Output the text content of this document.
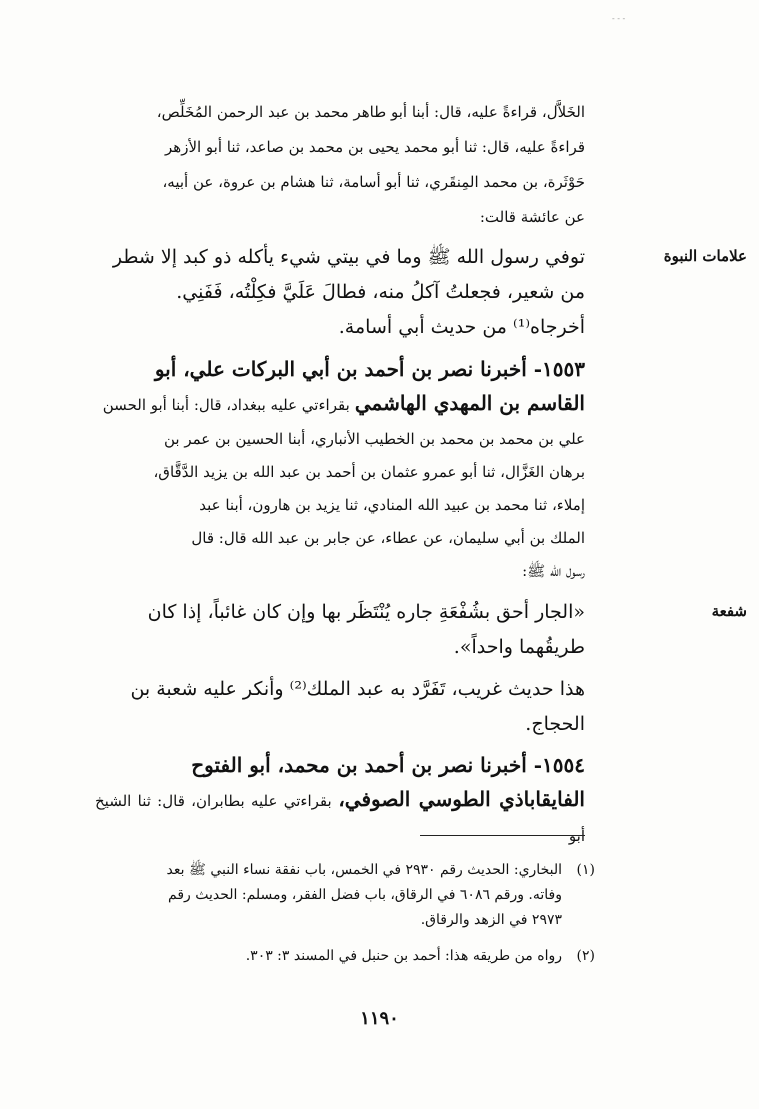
- - -

الخَلاَّل، قراءةً عليه، قال: أبنا أبو طاهر محمد بن عبد الرحمن المُخَلِّص،

قراءةً عليه، قال: ثنا أبو محمد يحيى بن محمد بن صاعد، ثنا أبو الأزهر

حَوْثَرة، بن محمد المِنقَري، ثنا أبو أسامة، ثنا هشام بن عروة، عن أبيه،

عن عائشة قالت:

علامات النبوة

توفي رسول الله ﷺ وما في بيتي شيء يأكله ذو كبد إلا شطر

من شعير، فجعلتُ آكلُ منه، فطالَ عَلَيَّ فكِلْتُه، فَفَنِي.

أخرجاه⁽¹⁾ من حديث أبي أسامة.

١٥٥٣- أخبرنا نصر بن أحمد بن أبي البركات علي، أبو

القاسم بن المهدي الهاشمي بقراءتي عليه ببغداد، قال: أبنا أبو الحسن

علي بن محمد بن محمد بن الخطيب الأنباري، أبنا الحسين بن عمر بن

برهان الغَزَّال، ثنا أبو عمرو عثمان بن أحمد بن عبد الله بن يزيد الدَّقَّاق،

إملاء، ثنا محمد بن عبيد الله المنادي، ثنا يزيد بن هارون، أبنا عبد

الملك بن أبي سليمان، عن عطاء، عن جابر بن عبد الله قال: قال

رسول الله ﷺ:

شفعة

«الجار أحق بشُفْعَةِ جاره يُنْتَظَر بها وإن كان غائباً، إذا كان

طريقُهما واحداً».

هذا حديث غريب، تَفَرَّد به عبد الملك⁽²⁾ وأنكر عليه شعبة بن

الحجاج.

١٥٥٤- أخبرنا نصر بن أحمد بن محمد، أبو الفتوح

الفايقاباذي الطوسي الصوفي، بقراءتي عليه بطابران، قال: ثنا الشيخ أبو

(١)

البخاري: الحديث رقم ٢٩٣٠ في الخمس، باب نفقة نساء النبي ﷺ بعد

وفاته. ورقم ٦٠٨٦ في الرقاق، باب فضل الفقر، ومسلم: الحديث رقم

٢٩٧٣ في الزهد والرقاق.

(٢)

رواه من طريقه هذا: أحمد بن حنبل في المسند ٣: ٣٠٣.

١١٩٠
